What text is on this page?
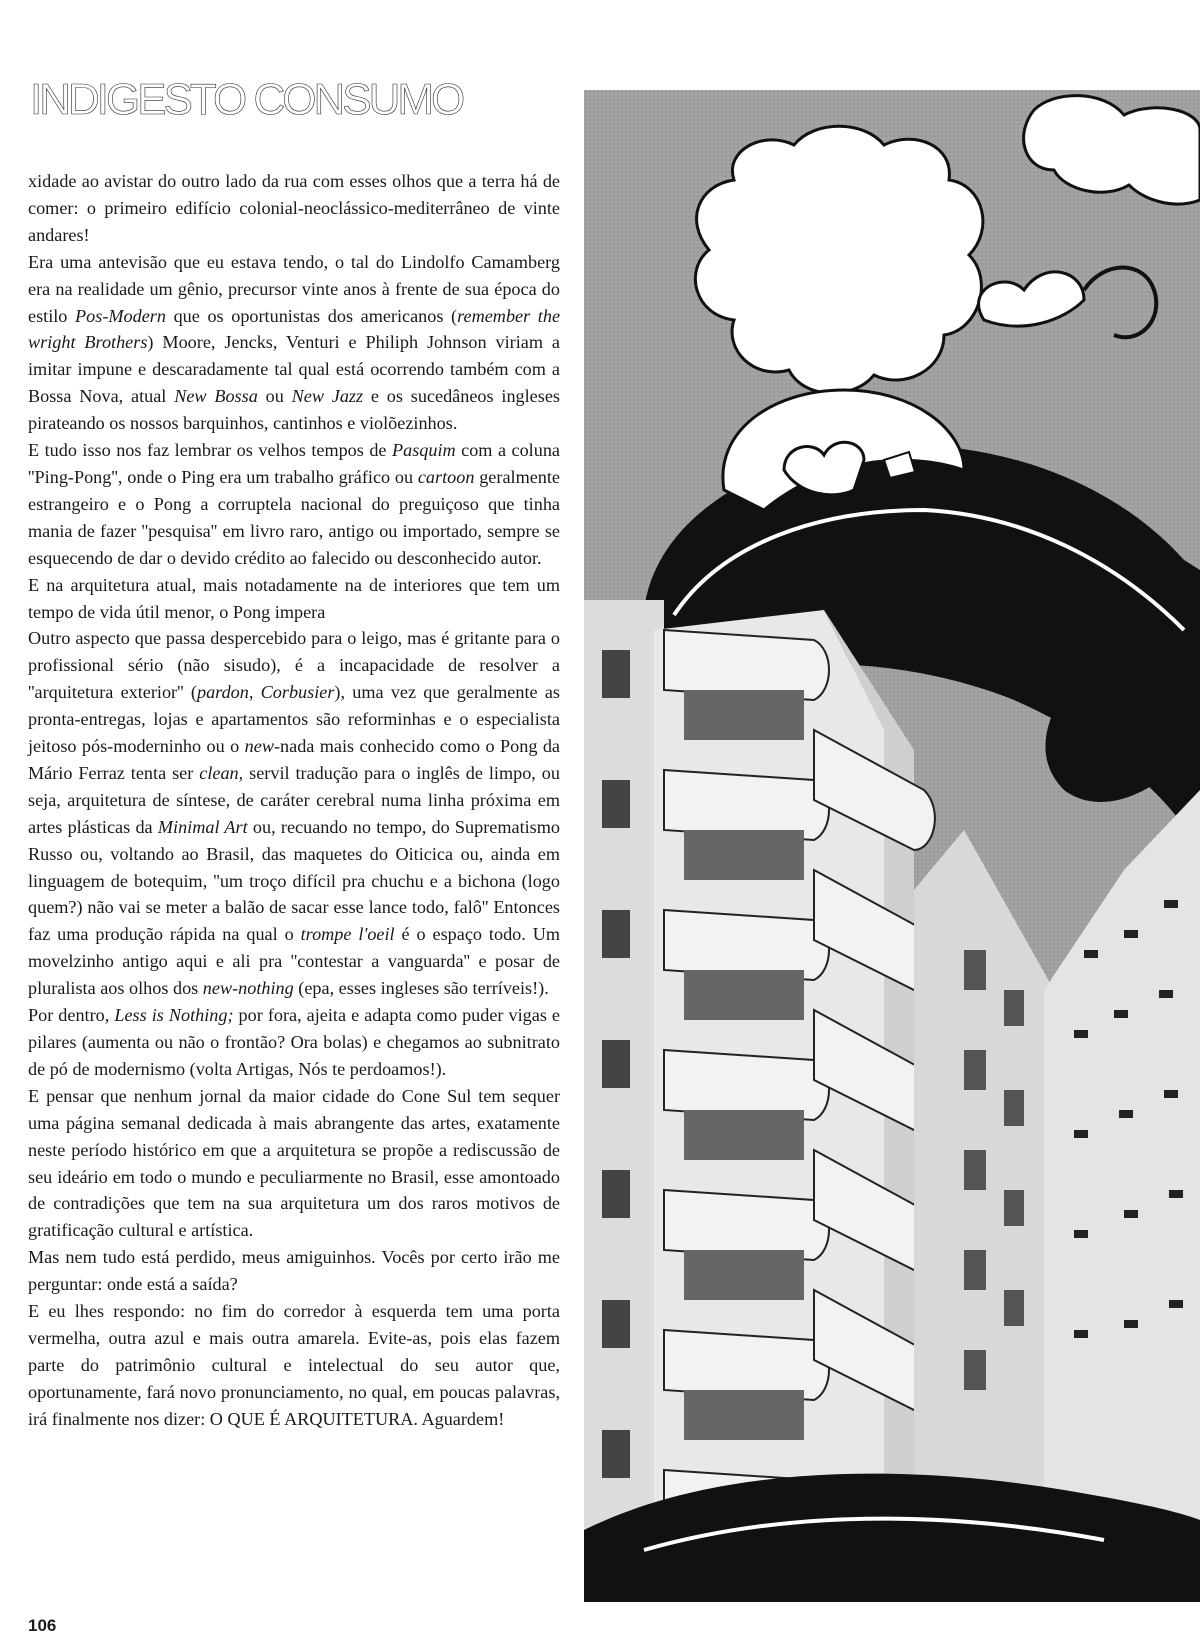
INDIGESTO CONSUMO

xidade ao avistar do outro lado da rua com esses olhos que a terra há de comer: o primeiro edifício colonial-neoclássico-mediterrâneo de vinte andares!

Era uma antevisão que eu estava tendo, o tal do Lindolfo Camamberg era na realidade um gênio, precursor vinte anos à frente de sua época do estilo Pos-Modern que os oportunistas dos americanos (remember the wright Brothers) Moore, Jencks, Venturi e Philiph Johnson viriam a imitar impune e descaradamente tal qual está ocorrendo também com a Bossa Nova, atual New Bossa ou New Jazz e os sucedâneos ingleses pirateando os nossos barquinhos, cantinhos e violõezinhos.

E tudo isso nos faz lembrar os velhos tempos de Pasquim com a coluna ''Ping-Pong'', onde o Ping era um trabalho gráfico ou cartoon geralmente estrangeiro e o Pong a corruptela nacional do preguiçoso que tinha mania de fazer ''pesquisa'' em livro raro, antigo ou importado, sempre se esquecendo de dar o devido crédito ao falecido ou desconhecido autor.

E na arquitetura atual, mais notadamente na de interiores que tem um tempo de vida útil menor, o Pong impera

Outro aspecto que passa despercebido para o leigo, mas é gritante para o profissional sério (não sisudo), é a incapacidade de resolver a ''arquitetura exterior'' (pardon, Corbusier), uma vez que geralmente as pronta-entregas, lojas e apartamentos são reforminhas e o especialista jeitoso pós-moderninho ou o new-nada mais conhecido como o Pong da Mário Ferraz tenta ser clean, servil tradução para o inglês de limpo, ou seja, arquitetura de síntese, de caráter cerebral numa linha próxima em artes plásticas da Minimal Art ou, recuando no tempo, do Suprematismo Russo ou, voltando ao Brasil, das maquetes do Oiticica ou, ainda em linguagem de botequim, ''um troço difícil pra chuchu e a bichona (logo quem?) não vai se meter a balão de sacar esse lance todo, falô'' Entonces faz uma produção rápida na qual o trompe l'oeil é o espaço todo. Um movelzinho antigo aqui e ali pra ''contestar a vanguarda'' e posar de pluralista aos olhos dos new-nothing (epa, esses ingleses são terríveis!).

Por dentro, Less is Nothing; por fora, ajeita e adapta como puder vigas e pilares (aumenta ou não o frontão? Ora bolas) e chegamos ao subnitrato de pó de modernismo (volta Artigas, Nós te perdoamos!).

E pensar que nenhum jornal da maior cidade do Cone Sul tem sequer uma página semanal dedicada à mais abrangente das artes, exatamente neste período histórico em que a arquitetura se propõe a rediscussão de seu ideário em todo o mundo e peculiarmente no Brasil, esse amontoado de contradições que tem na sua arquitetura um dos raros motivos de gratificação cultural e artística.

Mas nem tudo está perdido, meus amiguinhos. Vocês por certo irão me perguntar: onde está a saída?

E eu lhes respondo: no fim do corredor à esquerda tem uma porta vermelha, outra azul e mais outra amarela. Evite-as, pois elas fazem parte do patrimônio cultural e intelectual do seu autor que, oportunamente, fará novo pronunciamento, no qual, em poucas palavras, irá finalmente nos dizer: O QUE É ARQUITETURA. Aguardem!

106
